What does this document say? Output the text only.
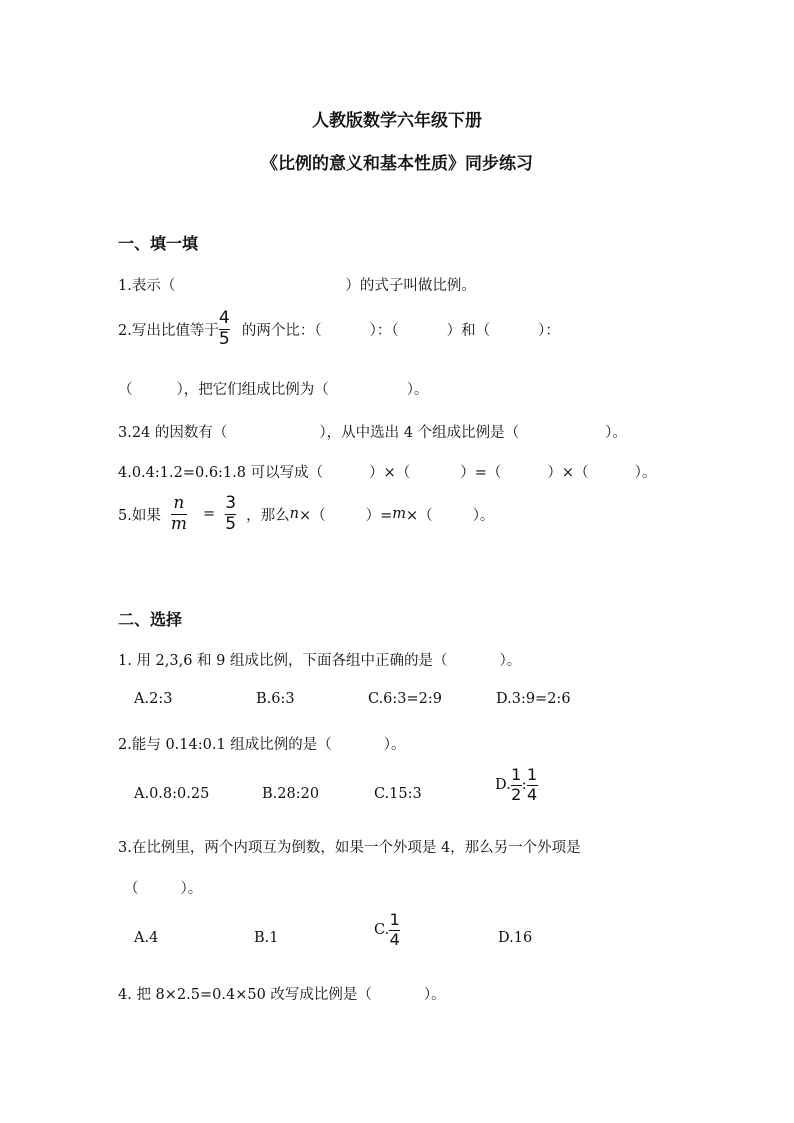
人教版数学六年级下册
《比例的意义和基本性质》同步练习
一、填一填
1.表示（	）的式子叫做比例。
2.写出比值等于 $\frac{4}{5}$ 的两个比：（	）：（	）和（	）：
（	），把它们组成比例为（	）。
3.24 的因数有（	），从中选出 4 个组成比例是（	）。
4.0.4:1.2=0.6:1.8 可以写成（	）×（	）=（	）×（	）。
5.如果 $\frac{n}{m} = \frac{3}{5}$ ，那么 n ×（	）= m ×（	）。
二、选择
1. 用 2,3,6 和 9 组成比例，下面各组中正确的是（	）。
A.2:3	B.6:3	C.6:3=2:9	D.3:9=2:6
2.能与 0.14:0.1 组成比例的是（	）。
A.0.8:0.25	B.28:20	C.15:3
D. $\frac{1}{2}$ : $\frac{1}{4}$
3.在比例里，两个内项互为倒数，如果一个外项是 4，那么另一个外项是
（	）。
A.4	B.1	C. $\frac{1}{4}$	D.16
4. 把 8×2.5=0.4×50 改写成比例是（	）。
